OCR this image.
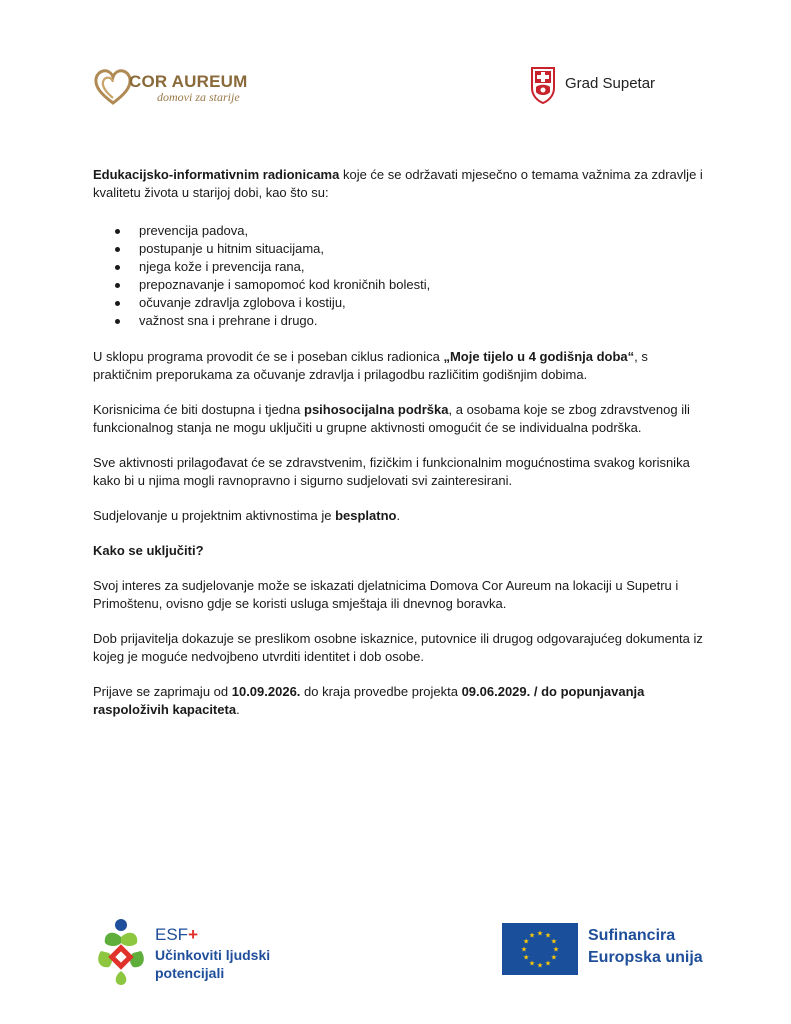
COR AUREUM
domovi za starije
Grad Supetar

Edukacijsko-informativnim radionicama koje će se održavati mjesečno o temama važnima za zdravlje i kvalitetu života u starijoj dobi, kao što su:

prevencija padova,
postupanje u hitnim situacijama,
njega kože i prevencija rana,
prepoznavanje i samopomoć kod kroničnih bolesti,
očuvanje zdravlja zglobova i kostiju,
važnost sna i prehrane i drugo.

U sklopu programa provodit će se i poseban ciklus radionica „Moje tijelo u 4 godišnja doba“, s praktičnim preporukama za očuvanje zdravlja i prilagodbu različitim godišnjim dobima.

Korisnicima će biti dostupna i tjedna psihosocijalna podrška, a osobama koje se zbog zdravstvenog ili funkcionalnog stanja ne mogu uključiti u grupne aktivnosti omogućit će se individualna podrška.

Sve aktivnosti prilagođavat će se zdravstvenim, fizičkim i funkcionalnim mogućnostima svakog korisnika kako bi u njima mogli ravnopravno i sigurno sudjelovati svi zainteresirani.

Sudjelovanje u projektnim aktivnostima je besplatno.

Kako se uključiti?

Svoj interes za sudjelovanje može se iskazati djelatnicima Domova Cor Aureum na lokaciji u Supetru i Primoštenu, ovisno gdje se koristi usluga smještaja ili dnevnog boravka.

Dob prijavitelja dokazuje se preslikom osobne iskaznice, putovnice ili drugog odgovarajućeg dokumenta iz kojeg je moguće nedvojbeno utvrditi identitet i dob osobe.

Prijave se zaprimaju od 10.09.2026. do kraja provedbe projekta 09.06.2029. / do popunjavanja raspoloživih kapaciteta.

ESF+
Učinkoviti ljudski
potencijali
★
★
★
★
★
★
★
★
★ ★ ★
★ Sufinancira
Europska unija
